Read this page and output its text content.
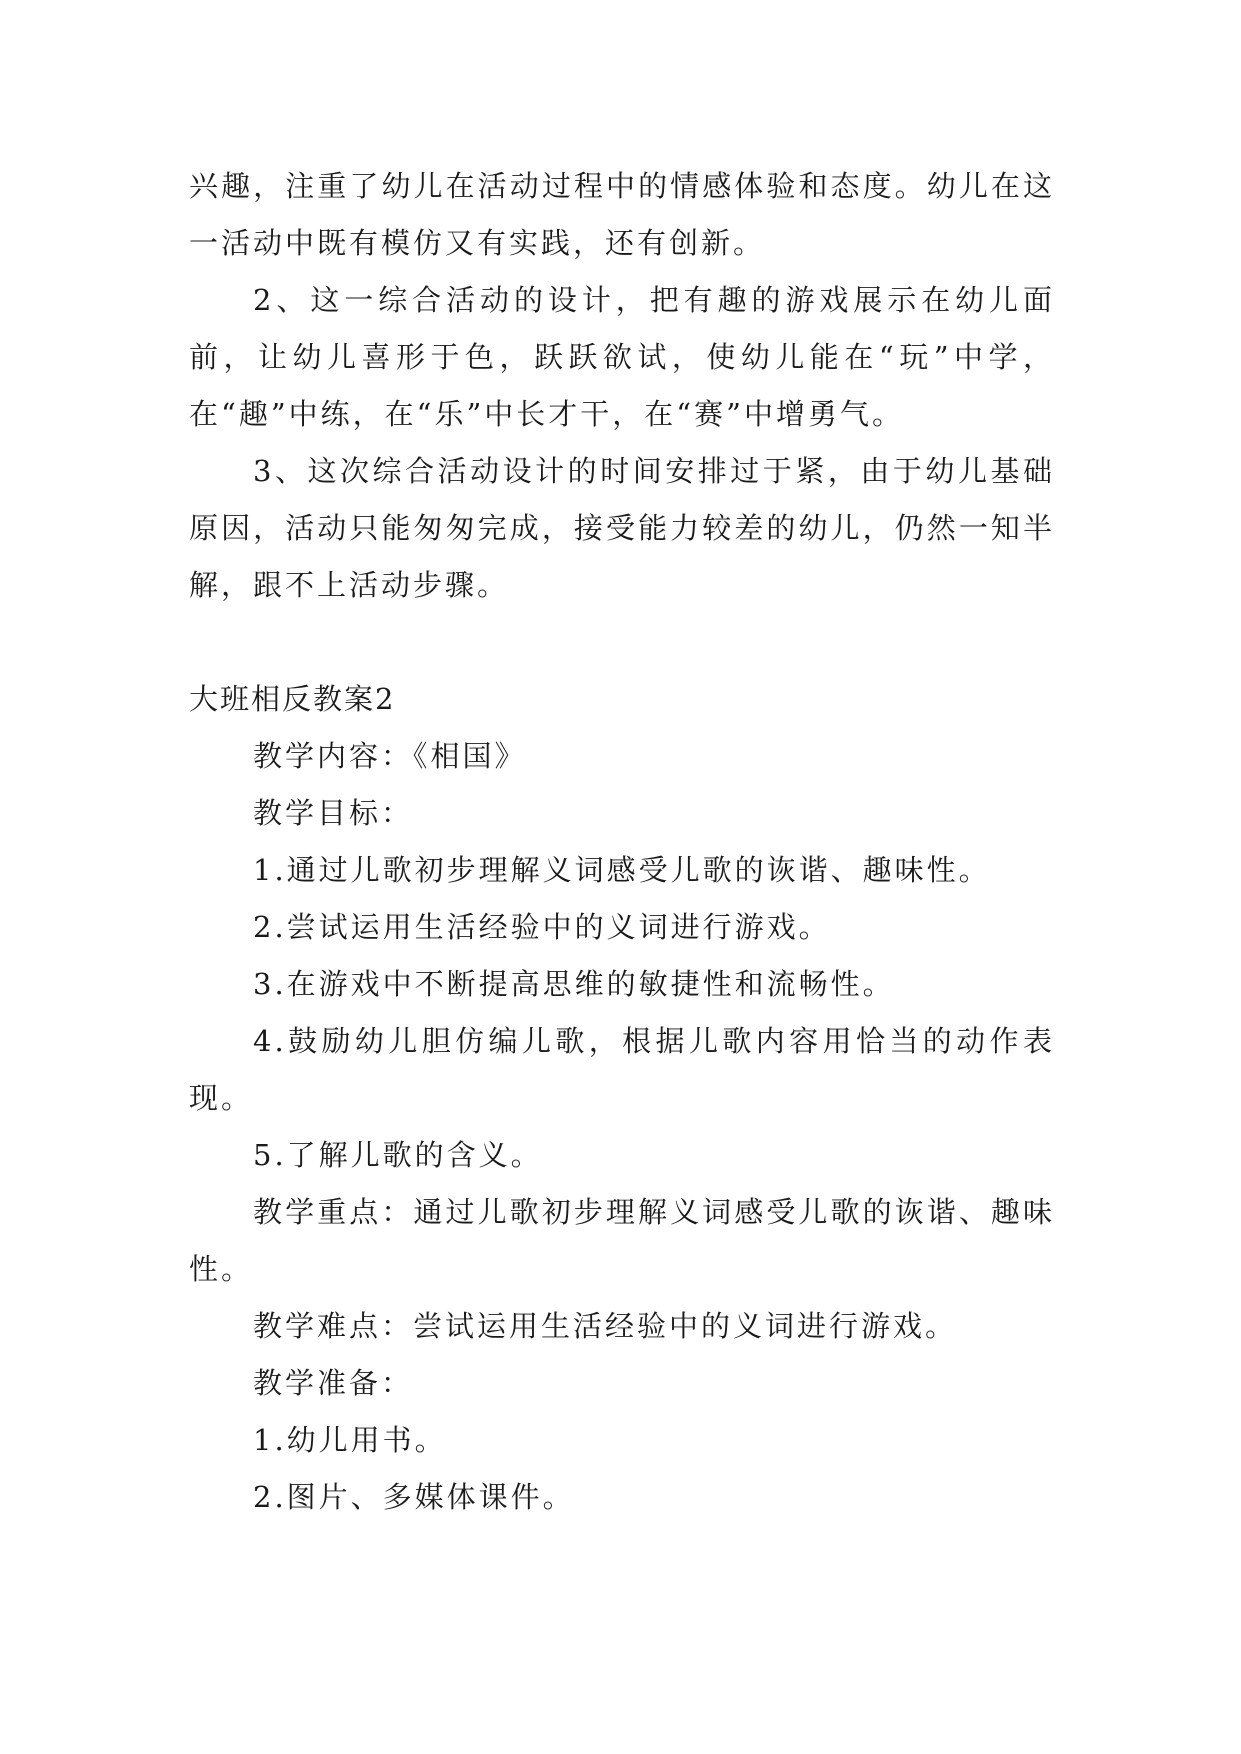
兴趣，注重了幼儿在活动过程中的情感体验和态度。幼儿在这一活动中既有模仿又有实践，还有创新。

2、这一综合活动的设计，把有趣的游戏展示在幼儿面前，让幼儿喜形于色，跃跃欲试，使幼儿能在“玩”中学，在“趣”中练，在“乐”中长才干，在“赛”中增勇气。

3、这次综合活动设计的时间安排过于紧，由于幼儿基础原因，活动只能匆匆完成，接受能力较差的幼儿，仍然一知半解，跟不上活动步骤。

大班相反教案2

教学内容：《相国》

教学目标：

1.通过儿歌初步理解义词感受儿歌的诙谐、趣味性。

2.尝试运用生活经验中的义词进行游戏。

3.在游戏中不断提高思维的敏捷性和流畅性。

4.鼓励幼儿胆仿编儿歌，根据儿歌内容用恰当的动作表现。

5.了解儿歌的含义。

教学重点：通过儿歌初步理解义词感受儿歌的诙谐、趣味性。

教学难点：尝试运用生活经验中的义词进行游戏。

教学准备：

1.幼儿用书。

2.图片、多媒体课件。
